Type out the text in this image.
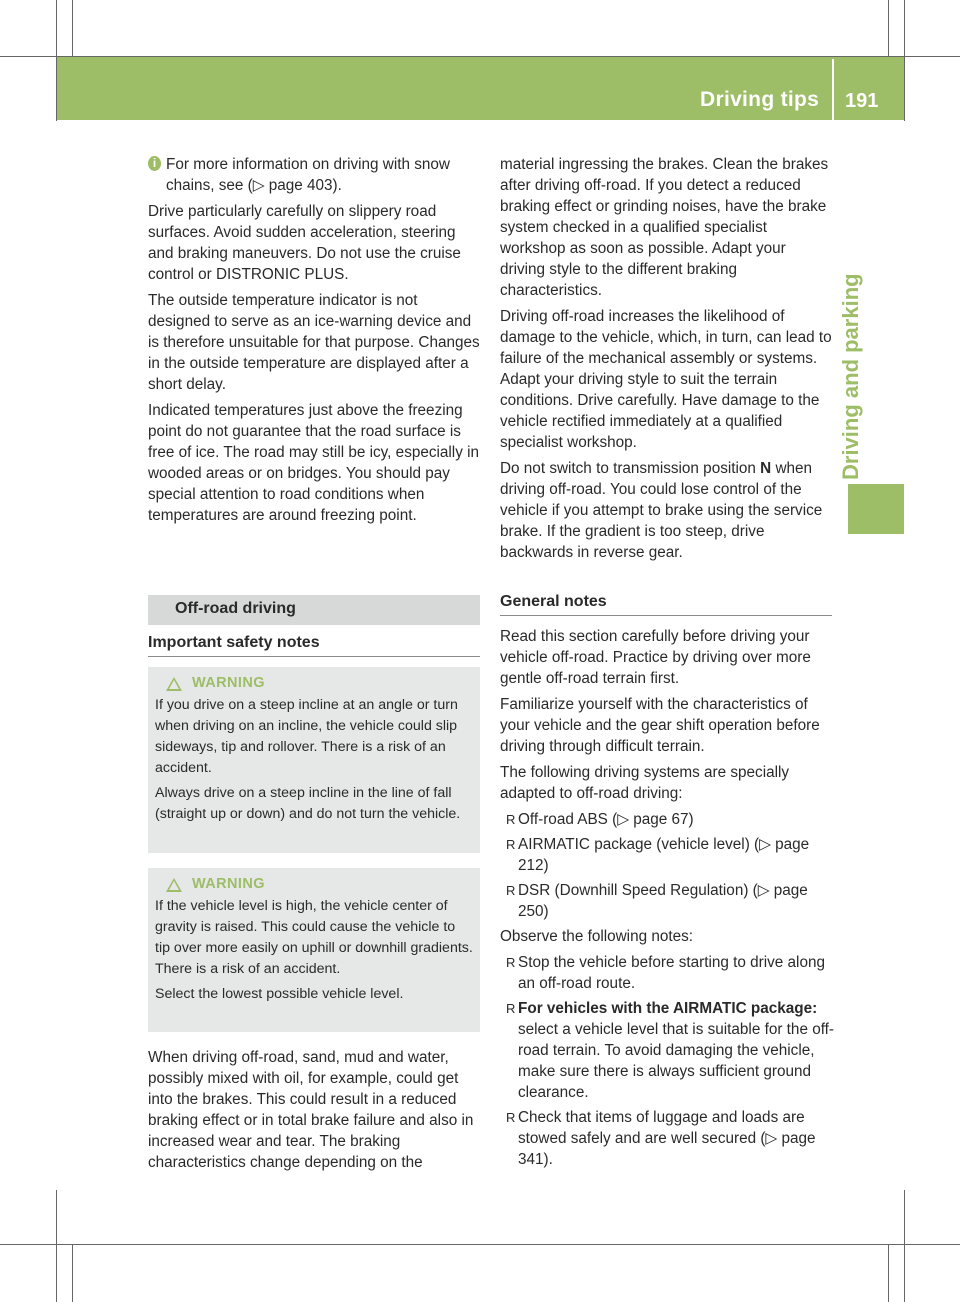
Driving tips 191
Driving and parking

i For more information on driving with snow chains, see (▷ page 403).

Drive particularly carefully on slippery road surfaces. Avoid sudden acceleration, steering and braking maneuvers. Do not use the cruise control or DISTRONIC PLUS.

The outside temperature indicator is not designed to serve as an ice-warning device and is therefore unsuitable for that purpose. Changes in the outside temperature are displayed after a short delay.

Indicated temperatures just above the freezing point do not guarantee that the road surface is free of ice. The road may still be icy, especially in wooded areas or on bridges. You should pay special attention to road conditions when temperatures are around freezing point.

Off-road driving
Important safety notes
WARNING

If you drive on a steep incline at an angle or turn when driving on an incline, the vehicle could slip sideways, tip and rollover. There is a risk of an accident.

Always drive on a steep incline in the line of fall (straight up or down) and do not turn the vehicle.

WARNING

If the vehicle level is high, the vehicle center of gravity is raised. This could cause the vehicle to tip over more easily on uphill or downhill gradients. There is a risk of an accident.

Select the lowest possible vehicle level.

When driving off-road, sand, mud and water, possibly mixed with oil, for example, could get into the brakes. This could result in a reduced braking effect or in total brake failure and also in increased wear and tear. The braking characteristics change depending on the

material ingressing the brakes. Clean the brakes after driving off-road. If you detect a reduced braking effect or grinding noises, have the brake system checked in a qualified specialist workshop as soon as possible. Adapt your driving style to the different braking characteristics.

Driving off-road increases the likelihood of damage to the vehicle, which, in turn, can lead to failure of the mechanical assembly or systems. Adapt your driving style to suit the terrain conditions. Drive carefully. Have damage to the vehicle rectified immediately at a qualified specialist workshop.

Do not switch to transmission position N when driving off-road. You could lose control of the vehicle if you attempt to brake using the service brake. If the gradient is too steep, drive backwards in reverse gear.

General notes

Read this section carefully before driving your vehicle off-road. Practice by driving over more gentle off-road terrain first.

Familiarize yourself with the characteristics of your vehicle and the gear shift operation before driving through difficult terrain.

The following driving systems are specially adapted to off-road driving:

R Off-road ABS (▷ page 67)
R AIRMATIC package (vehicle level) (▷ page 212)
R DSR (Downhill Speed Regulation) (▷ page 250)

Observe the following notes:

R Stop the vehicle before starting to drive along an off-road route.
R For vehicles with the AIRMATIC package: select a vehicle level that is suitable for the off-road terrain. To avoid damaging the vehicle, make sure there is always sufficient ground clearance.
R Check that items of luggage and loads are stowed safely and are well secured (▷ page 341).
